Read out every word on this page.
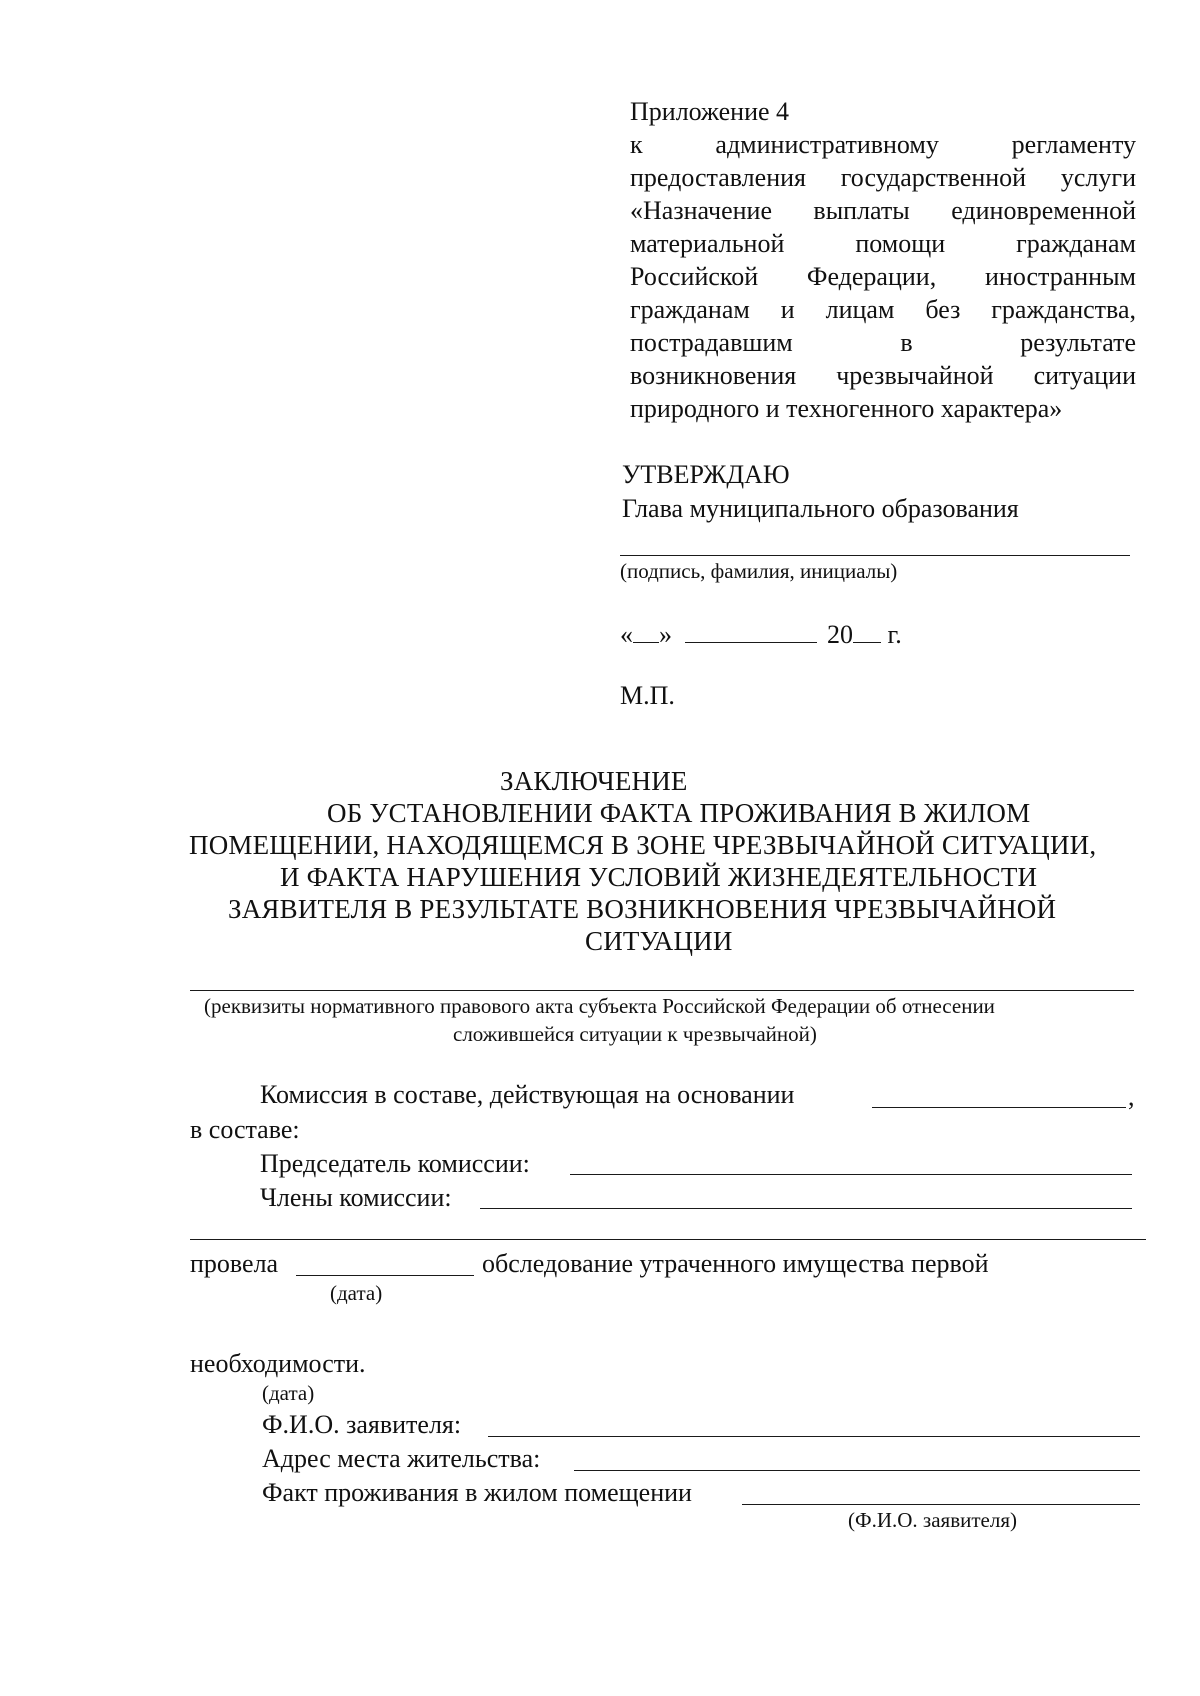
Приложение 4
к административному регламенту
предоставления государственной услуги
«Назначение выплаты единовременной
материальной помощи гражданам
Российской Федерации, иностранным
гражданам и лицам без гражданства,
пострадавшим в результате
возникновения чрезвычайной ситуации
природного и техногенного характера»
УТВЕРЖДАЮ
Глава муниципального образования
(подпись, фамилия, инициалы)
« »	20 г.
М.П.
ЗАКЛЮЧЕНИЕ
ОБ УСТАНОВЛЕНИИ ФАКТА ПРОЖИВАНИЯ В ЖИЛОМ
ПОМЕЩЕНИИ, НАХОДЯЩЕМСЯ В ЗОНЕ ЧРЕЗВЫЧАЙНОЙ СИТУАЦИИ,
И ФАКТА НАРУШЕНИЯ УСЛОВИЙ ЖИЗНЕДЕЯТЕЛЬНОСТИ
ЗАЯВИТЕЛЯ В РЕЗУЛЬТАТЕ ВОЗНИКНОВЕНИЯ ЧРЕЗВЫЧАЙНОЙ
СИТУАЦИИ
(реквизиты нормативного правового акта субъекта Российской Федерации об отнесении
сложившейся ситуации к чрезвычайной)
Комиссия в составе, действующая на основании	,
в составе:
Председатель комиссии:
Члены комиссии:
провела	обследование утраченного имущества первой
(дата)
необходимости.
(дата)
Ф.И.О. заявителя:
Адрес места жительства:
Факт проживания в жилом помещении
(Ф.И.О. заявителя)
